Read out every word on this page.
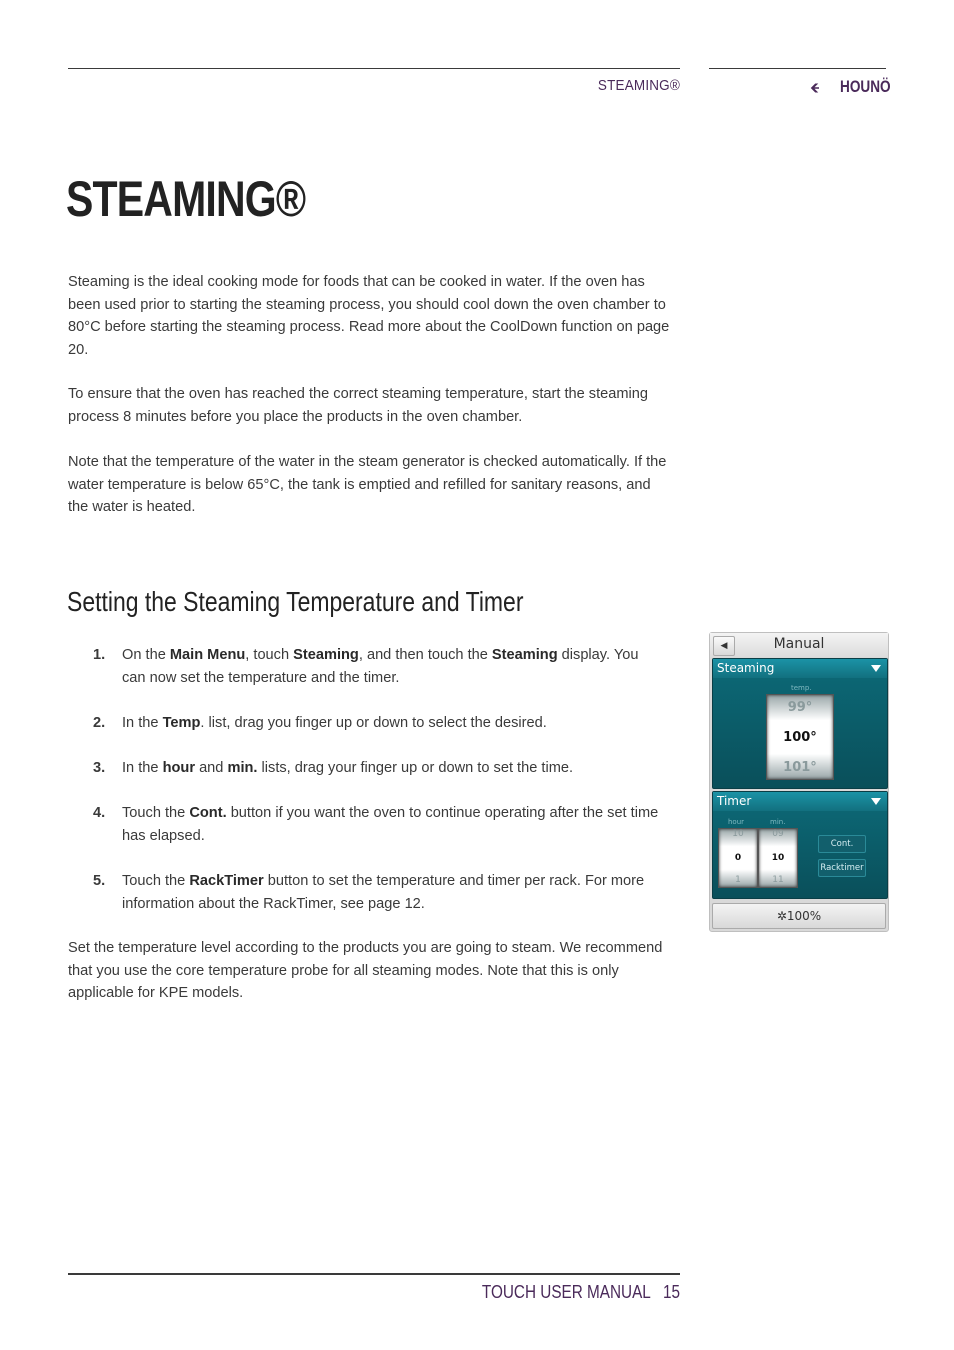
STEAMING®	HOUNÖ
STEAMING®

Steaming is the ideal cooking mode for foods that can be cooked in water. If the oven has been used prior to starting the steaming process, you should cool down the oven chamber to 80°C before starting the steaming process. Read more about the CoolDown function on page 20.

To ensure that the oven has reached the correct steaming temperature, start the steaming process 8 minutes before you place the products in the oven chamber.

Note that the temperature of the water in the steam generator is checked automatically. If the water temperature is below 65°C, the tank is emptied and refilled for sanitary reasons, and the water is heated.

Setting the Steaming Temperature and Timer
1. On the Main Menu, touch Steaming, and then touch the Steaming display. You can now set the temperature and the timer.
2. In the Temp. list, drag you finger up or down to select the desired.
3. In the hour and min. lists, drag your finger up or down to set the time.
4. Touch the Cont. button if you want the oven to continue operating after the set time has elapsed.
5. Touch the RackTimer button to set the temperature and timer per rack. For more information about the RackTimer, see page 12.

Set the temperature level according to the products you are going to steam. We recommend that you use the core temperature probe for all steaming modes. Note that this is only applicable for KPE models.

◀	Manual
Steaming
temp.
99°
100°
101°
Timer
hour	min.
10
0
1
09
10
11
Cont.
Racktimer
✲100%
TOUCH USER MANUAL   15
